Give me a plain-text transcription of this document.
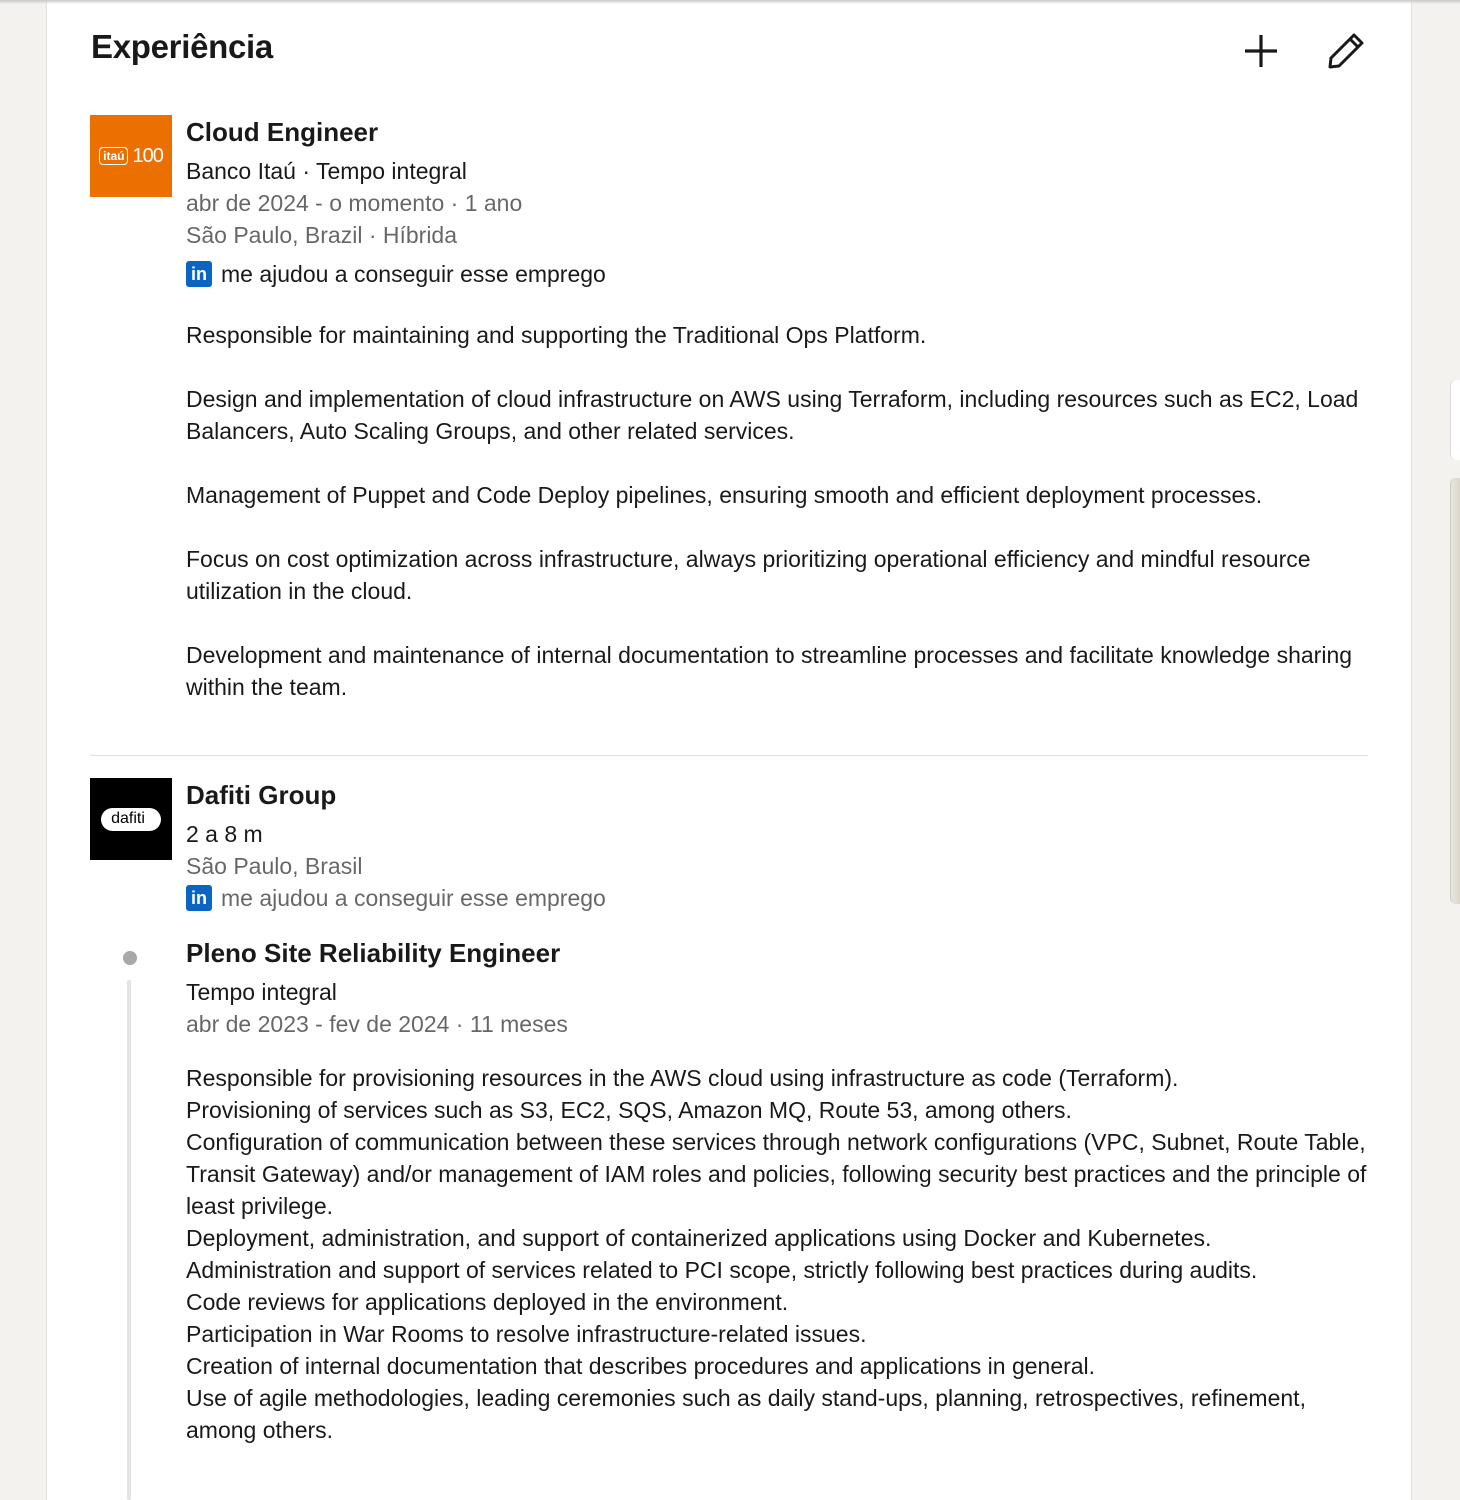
Experiência
itaú 100
Cloud Engineer
Banco Itaú · Tempo integral
abr de 2024 - o momento · 1 ano
São Paulo, Brazil · Híbrida
in me ajudou a conseguir esse emprego

Responsible for maintaining and supporting the Traditional Ops Platform.

Design and implementation of cloud infrastructure on AWS using Terraform, including resources such as EC2, Load Balancers, Auto Scaling Groups, and other related services.

Management of Puppet and Code Deploy pipelines, ensuring smooth and efficient deployment processes.

Focus on cost optimization across infrastructure, always prioritizing operational efficiency and mindful resource utilization in the cloud.

Development and maintenance of internal documentation to streamline processes and facilitate knowledge sharing within the team.

dafiti
Dafiti Group
2 a 8 m
São Paulo, Brasil
in me ajudou a conseguir esse emprego
Pleno Site Reliability Engineer
Tempo integral
abr de 2023 - fev de 2024 · 11 meses

Responsible for provisioning resources in the AWS cloud using infrastructure as code (Terraform).

Provisioning of services such as S3, EC2, SQS, Amazon MQ, Route 53, among others.

Configuration of communication between these services through network configurations (VPC, Subnet, Route Table, Transit Gateway) and/or management of IAM roles and policies, following security best practices and the principle of least privilege.

Deployment, administration, and support of containerized applications using Docker and Kubernetes.

Administration and support of services related to PCI scope, strictly following best practices during audits.

Code reviews for applications deployed in the environment.

Participation in War Rooms to resolve infrastructure-related issues.

Creation of internal documentation that describes procedures and applications in general.

Use of agile methodologies, leading ceremonies such as daily stand-ups, planning, retrospectives, refinement, among others.
